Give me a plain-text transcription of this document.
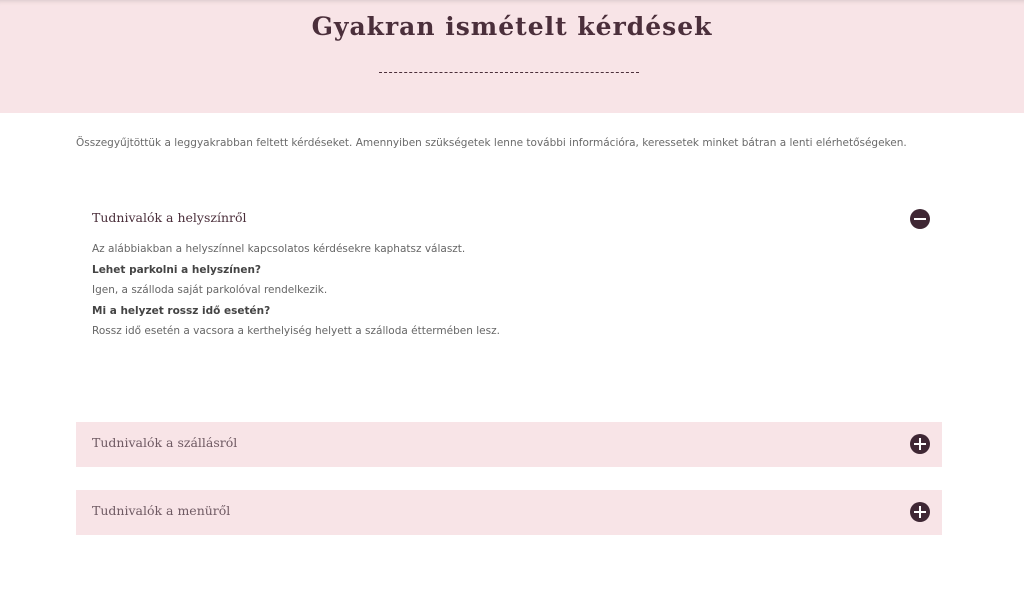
Gyakran ismételt kérdések

Összegyűjtöttük a leggyakrabban feltett kérdéseket. Amennyiben szükségetek lenne további információra, keressetek minket bátran a lenti elérhetőségeken.

Tudnivalók a helyszínről

Az alábbiakban a helyszínnel kapcsolatos kérdésekre kaphatsz választ.

Lehet parkolni a helyszínen?

Igen, a szálloda saját parkolóval rendelkezik.

Mi a helyzet rossz idő esetén?

Rossz idő esetén a vacsora a kerthelyiség helyett a szálloda éttermében lesz.

Tudnivalók a szállásról
Tudnivalók a menüről
